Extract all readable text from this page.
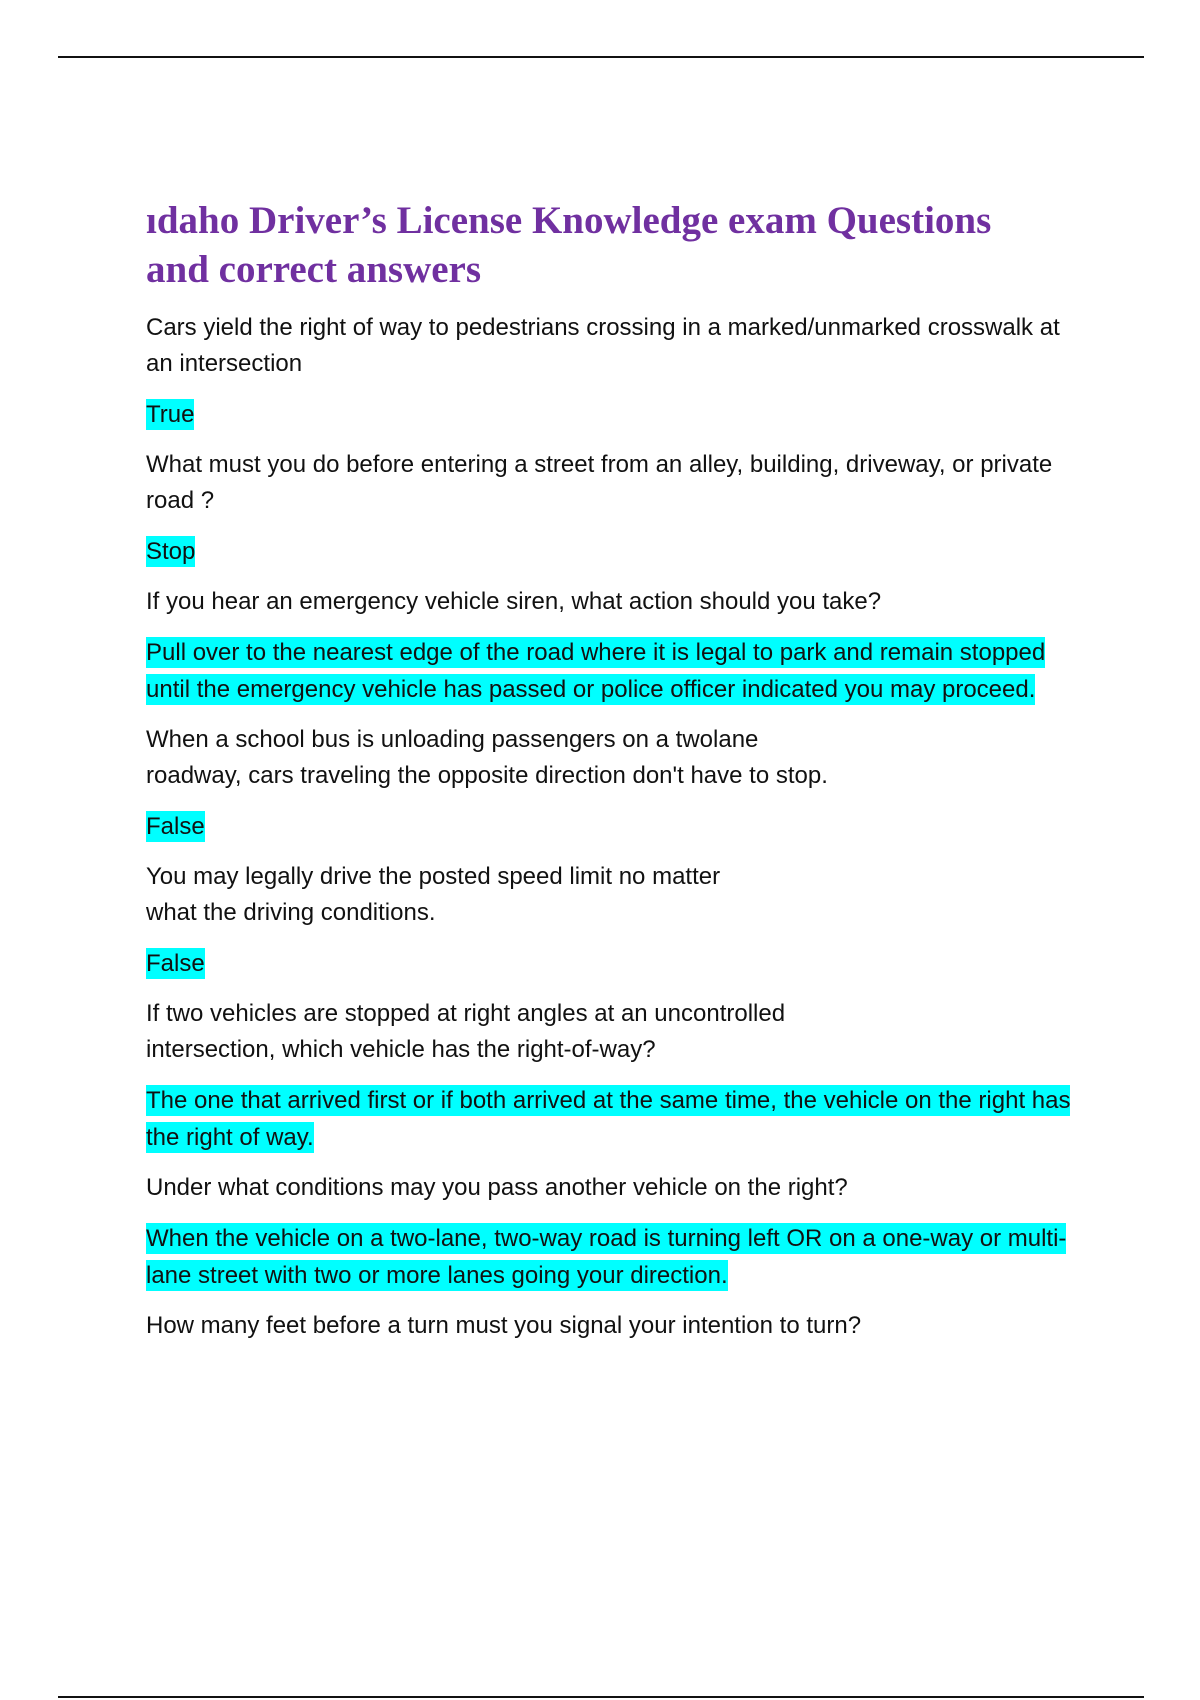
ıdaho Driver’s License Knowledge exam Questions and correct answers

Cars yield the right of way to pedestrians crossing in a marked/unmarked crosswalk at an intersection

True

What must you do before entering a street from an alley, building, driveway, or private road ?

Stop

If you hear an emergency vehicle siren, what action should you take?

Pull over to the nearest edge of the road where it is legal to park and remain stopped until the emergency vehicle has passed or police officer indicated you may proceed.

When a school bus is unloading passengers on a twolane
roadway, cars traveling the opposite direction don't have to stop.

False

You may legally drive the posted speed limit no matter
what the driving conditions.

False

If two vehicles are stopped at right angles at an uncontrolled
intersection, which vehicle has the right-of-way?

The one that arrived first or if both arrived at the same time, the vehicle on the right has the right of way.

Under what conditions may you pass another vehicle on the right?

When the vehicle on a two-lane, two-way road is turning left OR on a one-way or multi-lane street with two or more lanes going your direction.

How many feet before a turn must you signal your intention to turn?
